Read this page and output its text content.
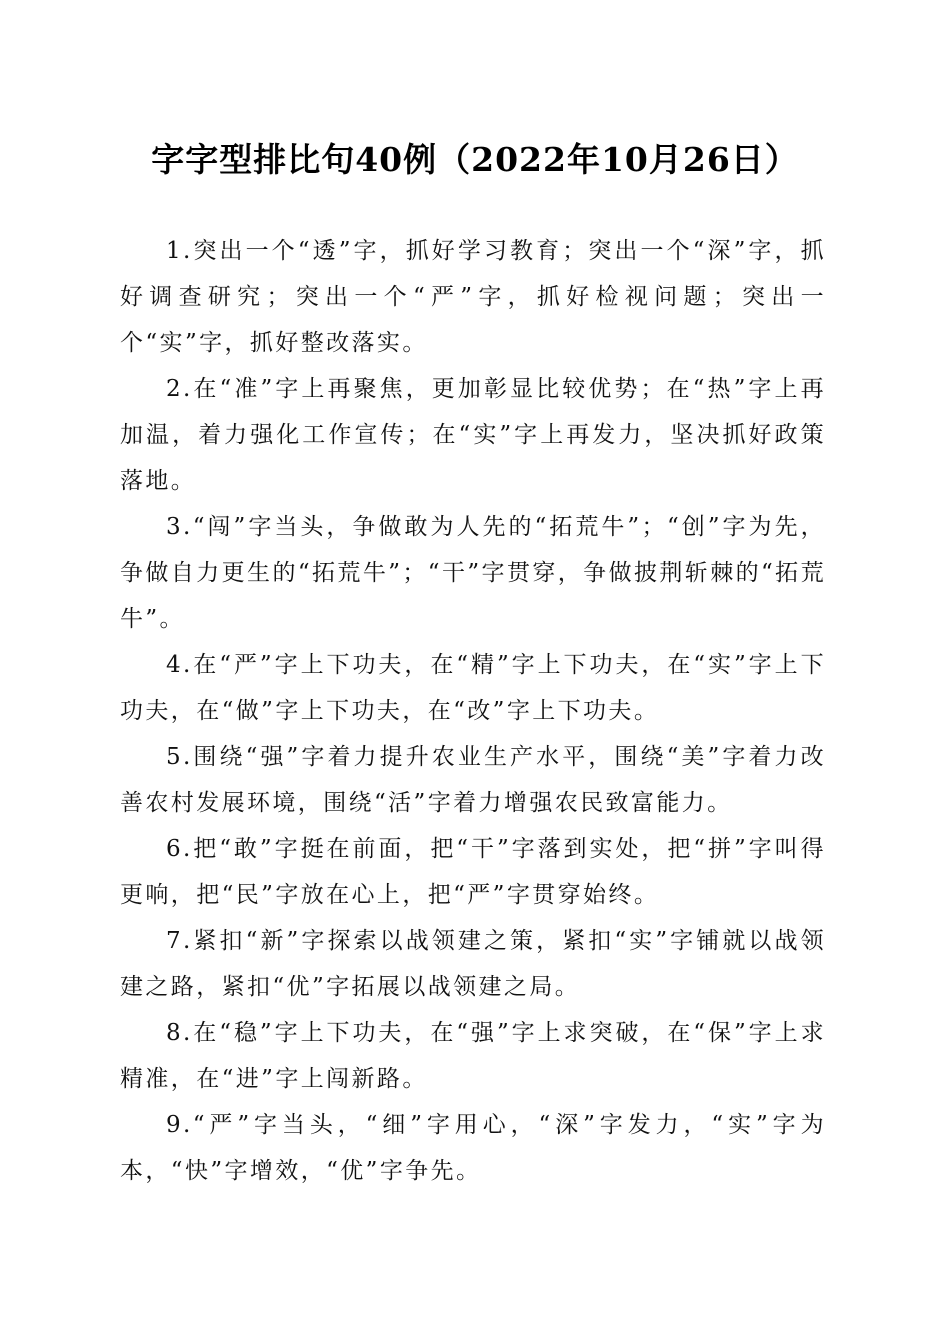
字字型排比句40例（2022年10月26日）

1.突出一个“透”字，抓好学习教育；突出一个“深”字，抓好调查研究；突出一个“严”字，抓好检视问题；突出一个“实”字，抓好整改落实。

2.在“准”字上再聚焦，更加彰显比较优势；在“热”字上再加温，着力强化工作宣传；在“实”字上再发力，坚决抓好政策落地。

3.“闯”字当头，争做敢为人先的“拓荒牛”；“创”字为先，争做自力更生的“拓荒牛”；“干”字贯穿，争做披荆斩棘的“拓荒牛”。

4.在“严”字上下功夫，在“精”字上下功夫，在“实”字上下功夫，在“做”字上下功夫，在“改”字上下功夫。

5.围绕“强”字着力提升农业生产水平，围绕“美”字着力改善农村发展环境，围绕“活”字着力增强农民致富能力。

6.把“敢”字挺在前面，把“干”字落到实处，把“拼”字叫得更响，把“民”字放在心上，把“严”字贯穿始终。

7.紧扣“新”字探索以战领建之策，紧扣“实”字铺就以战领建之路，紧扣“优”字拓展以战领建之局。

8.在“稳”字上下功夫，在“强”字上求突破，在“保”字上求精准，在“进”字上闯新路。

9.“严”字当头，“细”字用心，“深”字发力，“实”字为本，“快”字增效，“优”字争先。
